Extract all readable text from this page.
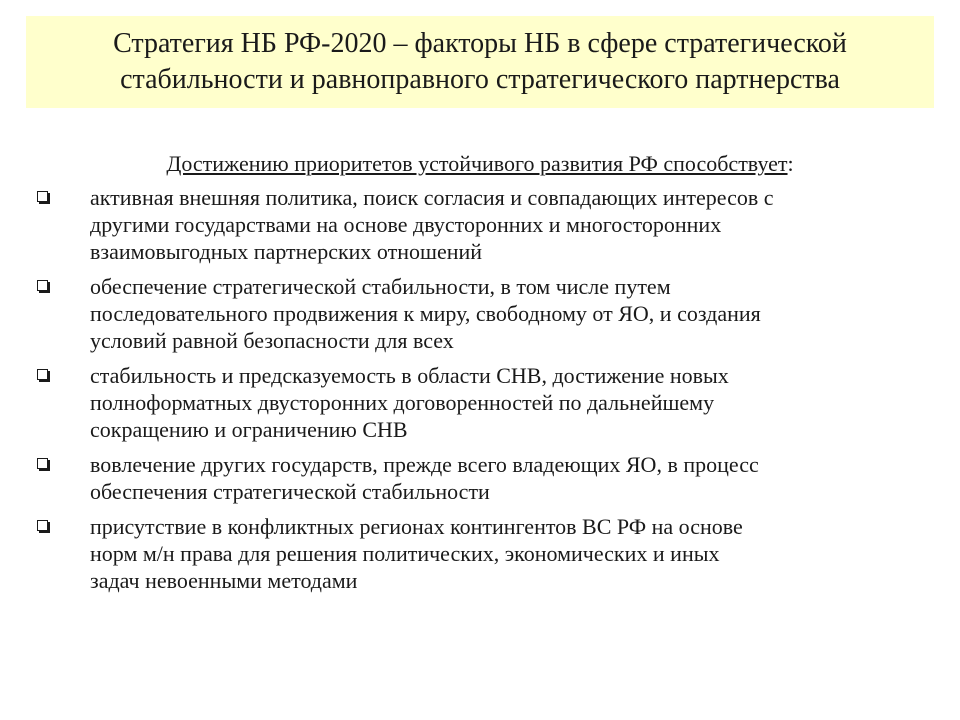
Стратегия НБ РФ-2020 – факторы НБ в сфере стратегической
стабильности и равноправного стратегического партнерства
Достижению приоритетов устойчивого развития РФ способствует:
активная внешняя политика, поиск согласия и совпадающих интересов с
другими государствами на основе двусторонних и многосторонних
взаимовыгодных партнерских отношений
обеспечение стратегической стабильности, в том числе путем
последовательного продвижения к миру, свободному от ЯО, и создания
условий равной безопасности для всех
стабильность и предсказуемость в области СНВ, достижение новых
полноформатных двусторонних договоренностей по дальнейшему
сокращению и ограничению СНВ
вовлечение других государств, прежде всего владеющих ЯО, в процесс
обеспечения стратегической стабильности
присутствие в конфликтных регионах контингентов ВС РФ на основе
норм м/н права для решения политических, экономических и иных
задач невоенными методами
